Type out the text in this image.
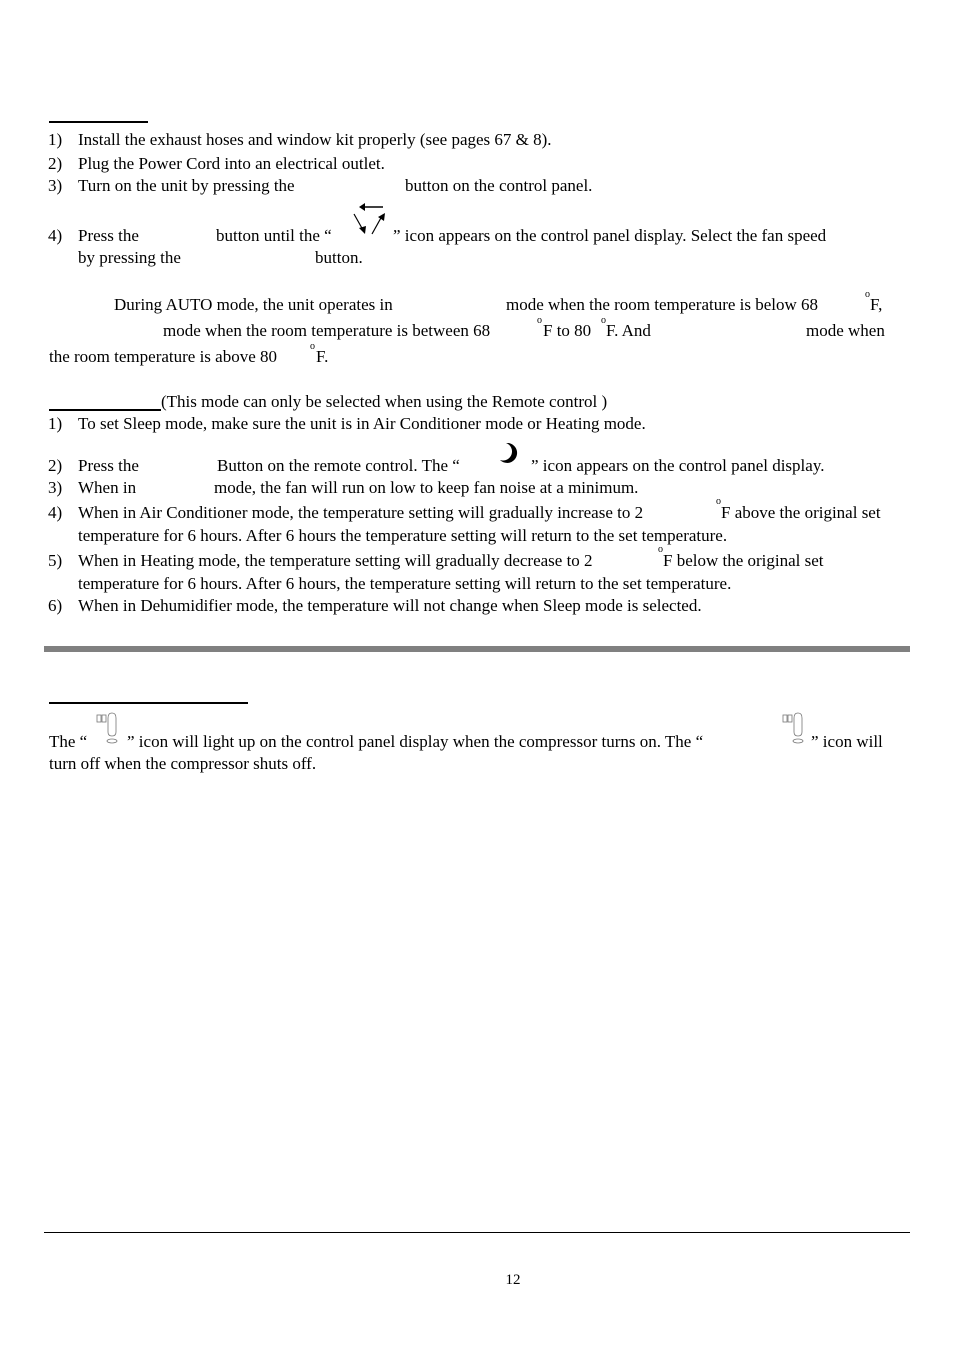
1) Install the exhaust hoses and window kit properly (see pages 67 & 8).
2) Plug the Power Cord into an electrical outlet.
3) Turn on the unit by pressing the	button on the control panel.
4) Press the	button until the “	” icon appears on the control panel display. Select the fan speed
by pressing the	button.
During AUTO mode, the unit operates in	mode when the room temperature is below 68
o
F,
mode when the room temperature is between 68
o
F to 80
o
F. And	mode when
the room temperature is above 80
o
F.
(This mode can only be selected when using the Remote control )
1) To set Sleep mode, make sure the unit is in Air Conditioner mode or Heating mode.
2) Press the	Button on the remote control. The “	” icon appears on the control panel display.
3) When in	mode, the fan will run on low to keep fan noise at a minimum.
4) When in Air Conditioner mode, the temperature setting will gradually increase to 2
o
F above the original set
temperature for 6 hours. After 6 hours the temperature setting will return to the set temperature.
5) When in Heating mode, the temperature setting will gradually decrease to 2
o
F below the original set
temperature for 6 hours. After 6 hours, the temperature setting will return to the set temperature.
6) When in Dehumidifier mode, the temperature will not change when Sleep mode is selected.
The “ ” icon will light up on the control panel display when the compressor turns on. The “	” icon will
turn off when the compressor shuts off.
12
